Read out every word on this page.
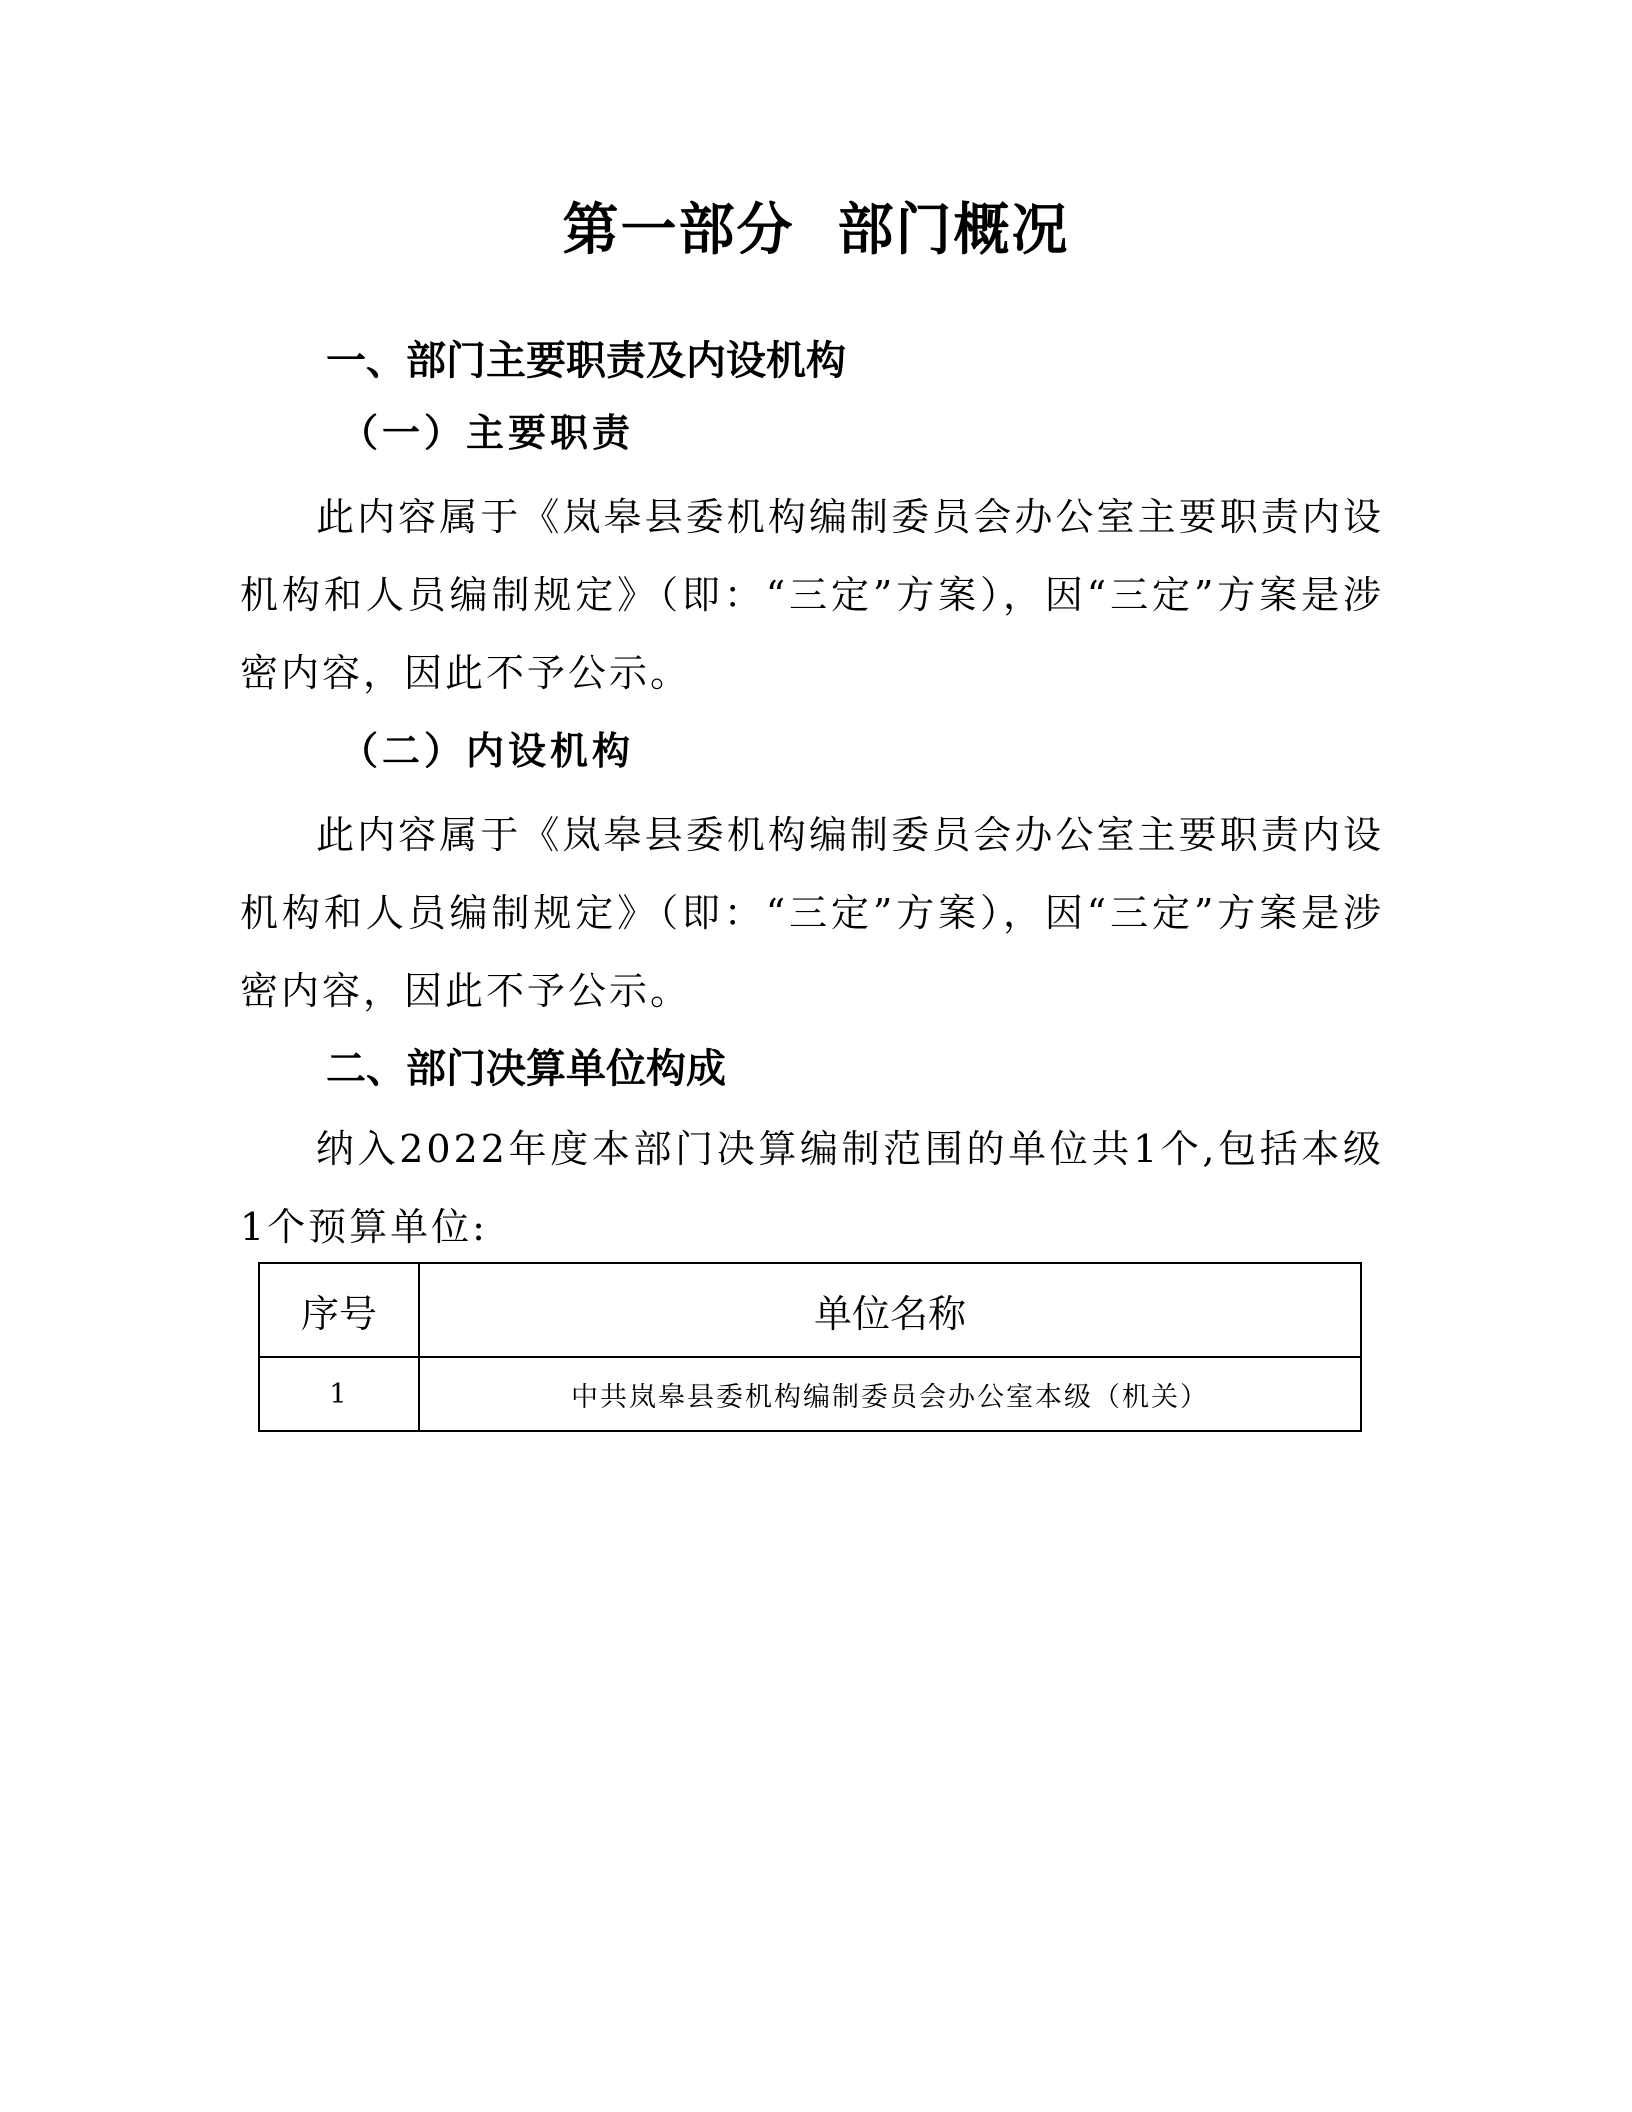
第一部分  部门概况
一、部门主要职责及内设机构
（一）主要职责

此内容属于《岚皋县委机构编制委员会办公室主要职责内设机构和人员编制规定》（即：“三定”方案），因“三定”方案是涉密内容，因此不予公示。

（二）内设机构

此内容属于《岚皋县委机构编制委员会办公室主要职责内设机构和人员编制规定》（即：“三定”方案），因“三定”方案是涉密内容，因此不予公示。

二、部门决算单位构成

纳入2022年度本部门决算编制范围的单位共1个,包括本级1个预算单位:

序号	单位名称
1	中共岚皋县委机构编制委员会办公室本级（机关）
